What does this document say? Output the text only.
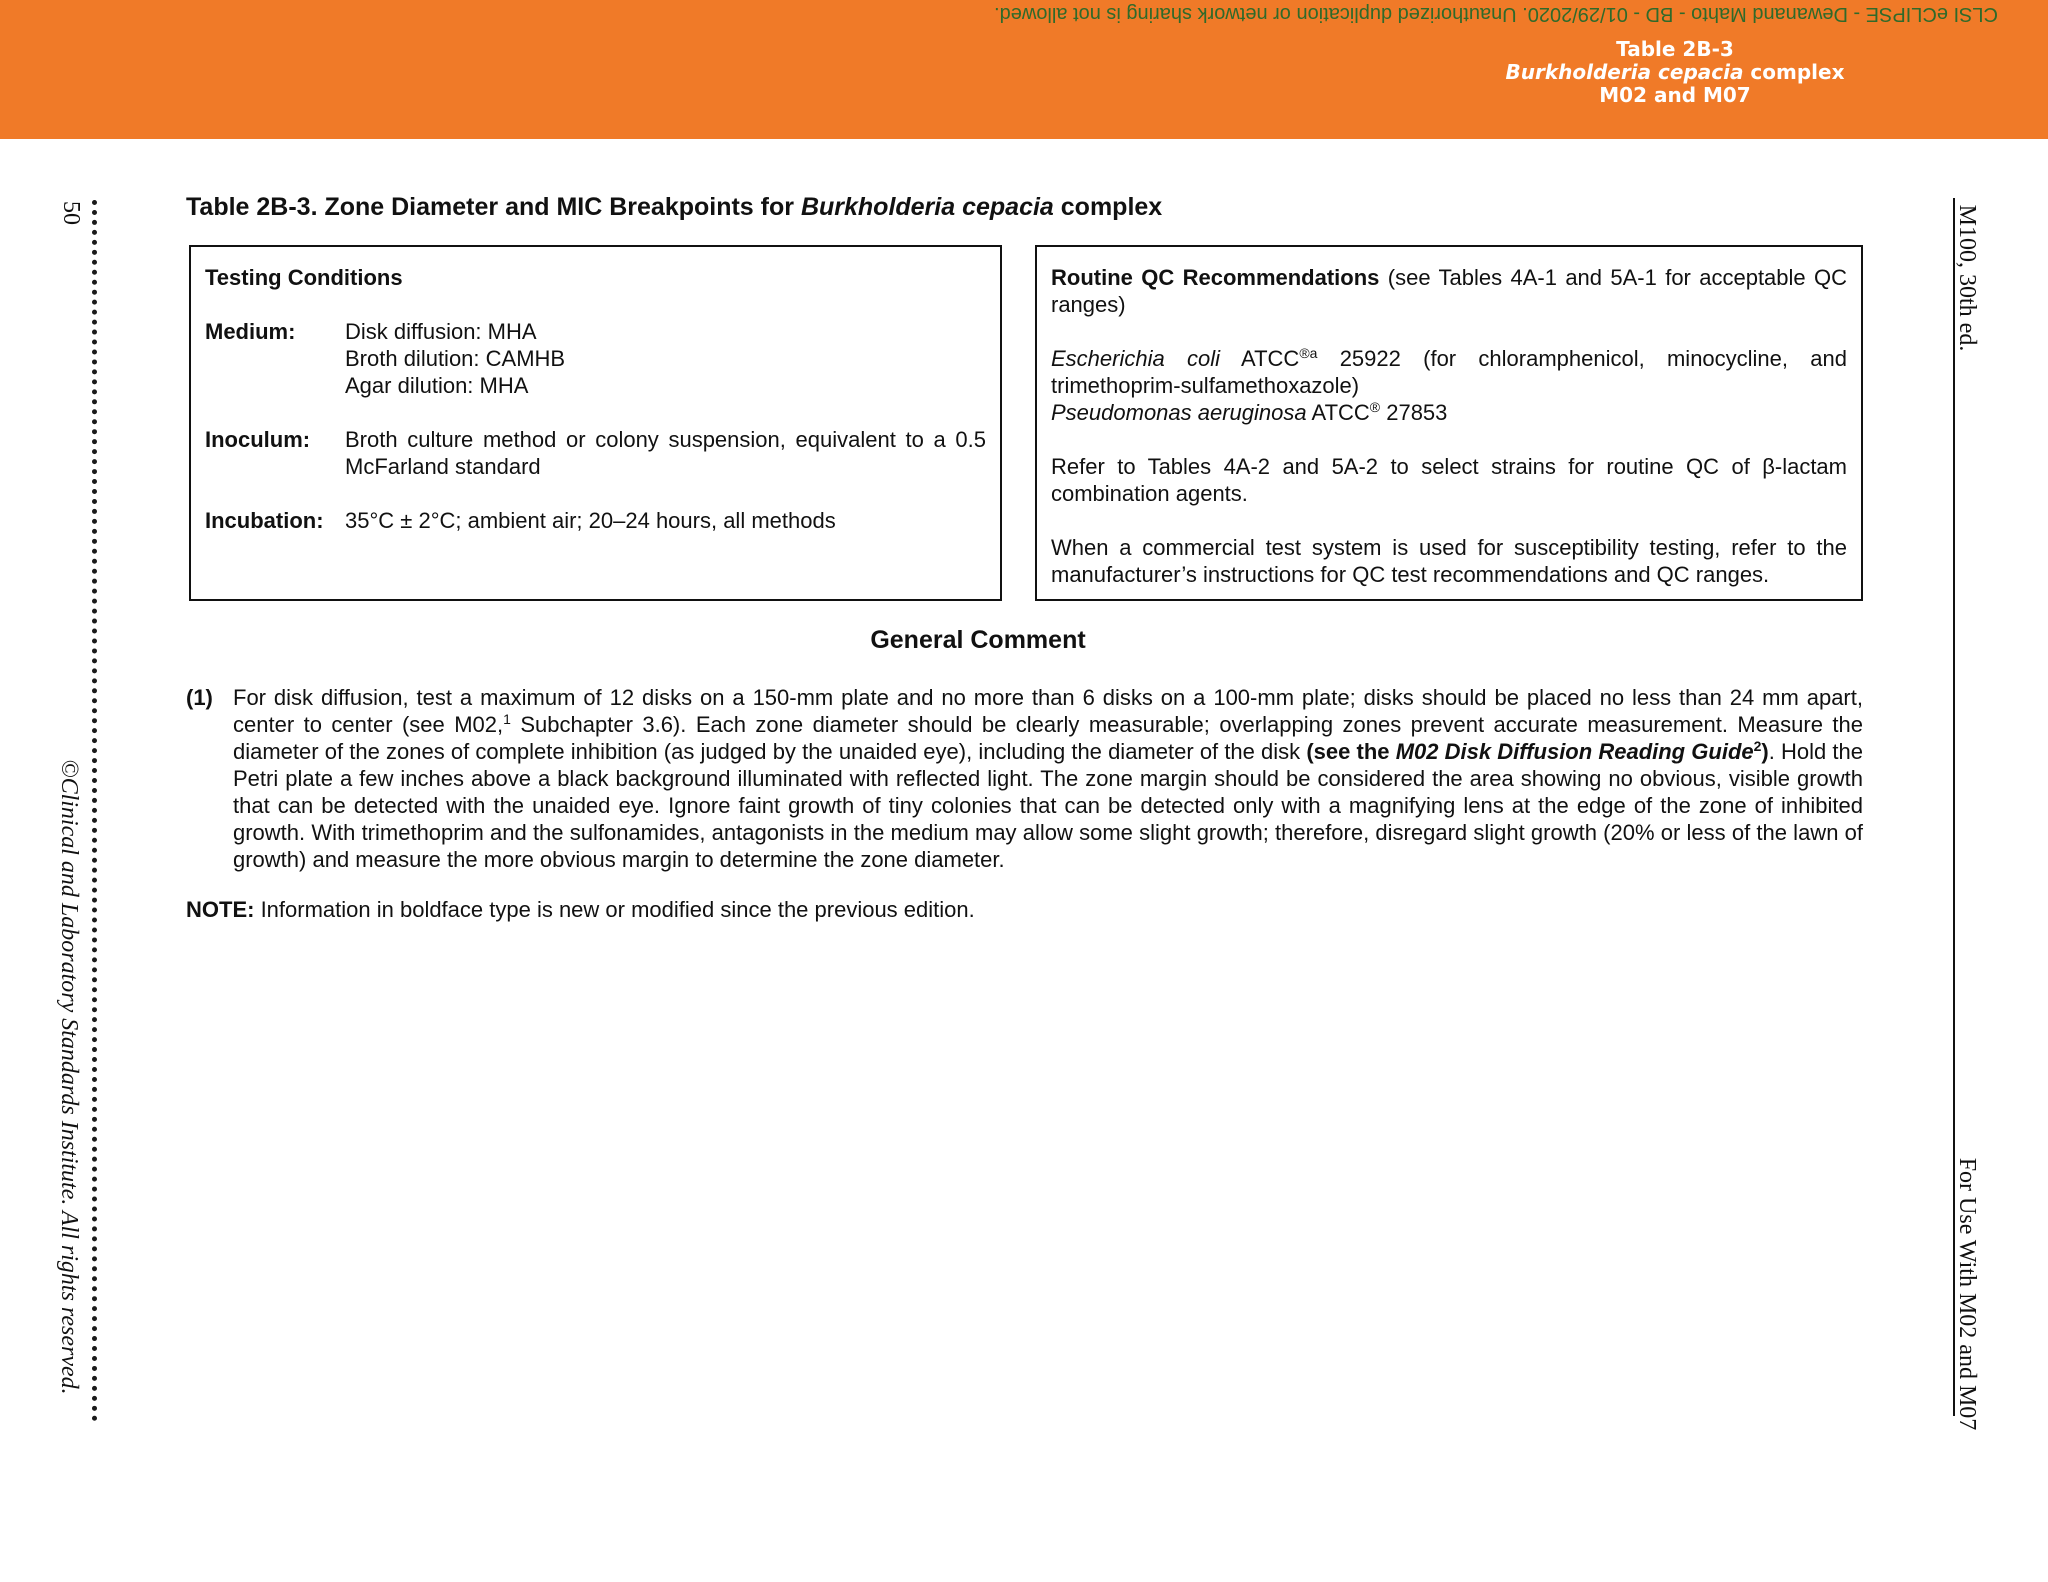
CLSI eCLIPSE - Dewanand Mahto - BD - 01/29/2020. Unauthorized duplication or network sharing is not allowed.
Table 2B-3
Burkholderia cepacia complex
M02 and M07
50
©Clinical and Laboratory Standards Institute. All rights reserved.
M100, 30th ed.
For Use With M02 and M07
Table 2B-3. Zone Diameter and MIC Breakpoints for Burkholderia cepacia complex
Testing Conditions
Medium:	Disk diffusion: MHA
Broth dilution: CAMHB
Agar dilution: MHA
Inoculum:	Broth culture method or colony suspension, equivalent to a 0.5 McFarland standard
Incubation: 35°C ± 2°C; ambient air; 20–24 hours, all methods
Routine QC Recommendations (see Tables 4A-1 and 5A-1 for acceptable QC ranges)
Escherichia coli $ATCC^{®a}$ 25922 (for chloramphenicol, minocycline, and trimethoprim-sulfamethoxazole)
Pseudomonas aeruginosa ATCC® 27853
Refer to Tables 4A-2 and 5A-2 to select strains for routine QC of β-lactam combination agents.
When a commercial test system is used for susceptibility testing, refer to the manufacturer’s instructions for QC test recommendations and QC ranges.
General Comment
(1) For disk diffusion, test a maximum of 12 disks on a 150-mm plate and no more than 6 disks on a 100-mm plate; disks should be placed no less than 24 mm apart, center to center (see M02,$^1$ Subchapter 3.6). Each zone diameter should be clearly measurable; overlapping zones prevent accurate measurement. Measure the diameter of the zones of complete inhibition (as judged by the unaided eye), including the diameter of the disk (see the M02 Disk Diffusion Reading Guide$^2$). Hold the Petri plate a few inches above a black background illuminated with reflected light. The zone margin should be considered the area showing no obvious, visible growth that can be detected with the unaided eye. Ignore faint growth of tiny colonies that can be detected only with a magnifying lens at the edge of the zone of inhibited growth. With trimethoprim and the sulfonamides, antagonists in the medium may allow some slight growth; therefore, disregard slight growth (20% or less of the lawn of growth) and measure the more obvious margin to determine the zone diameter.
NOTE: Information in boldface type is new or modified since the previous edition.
